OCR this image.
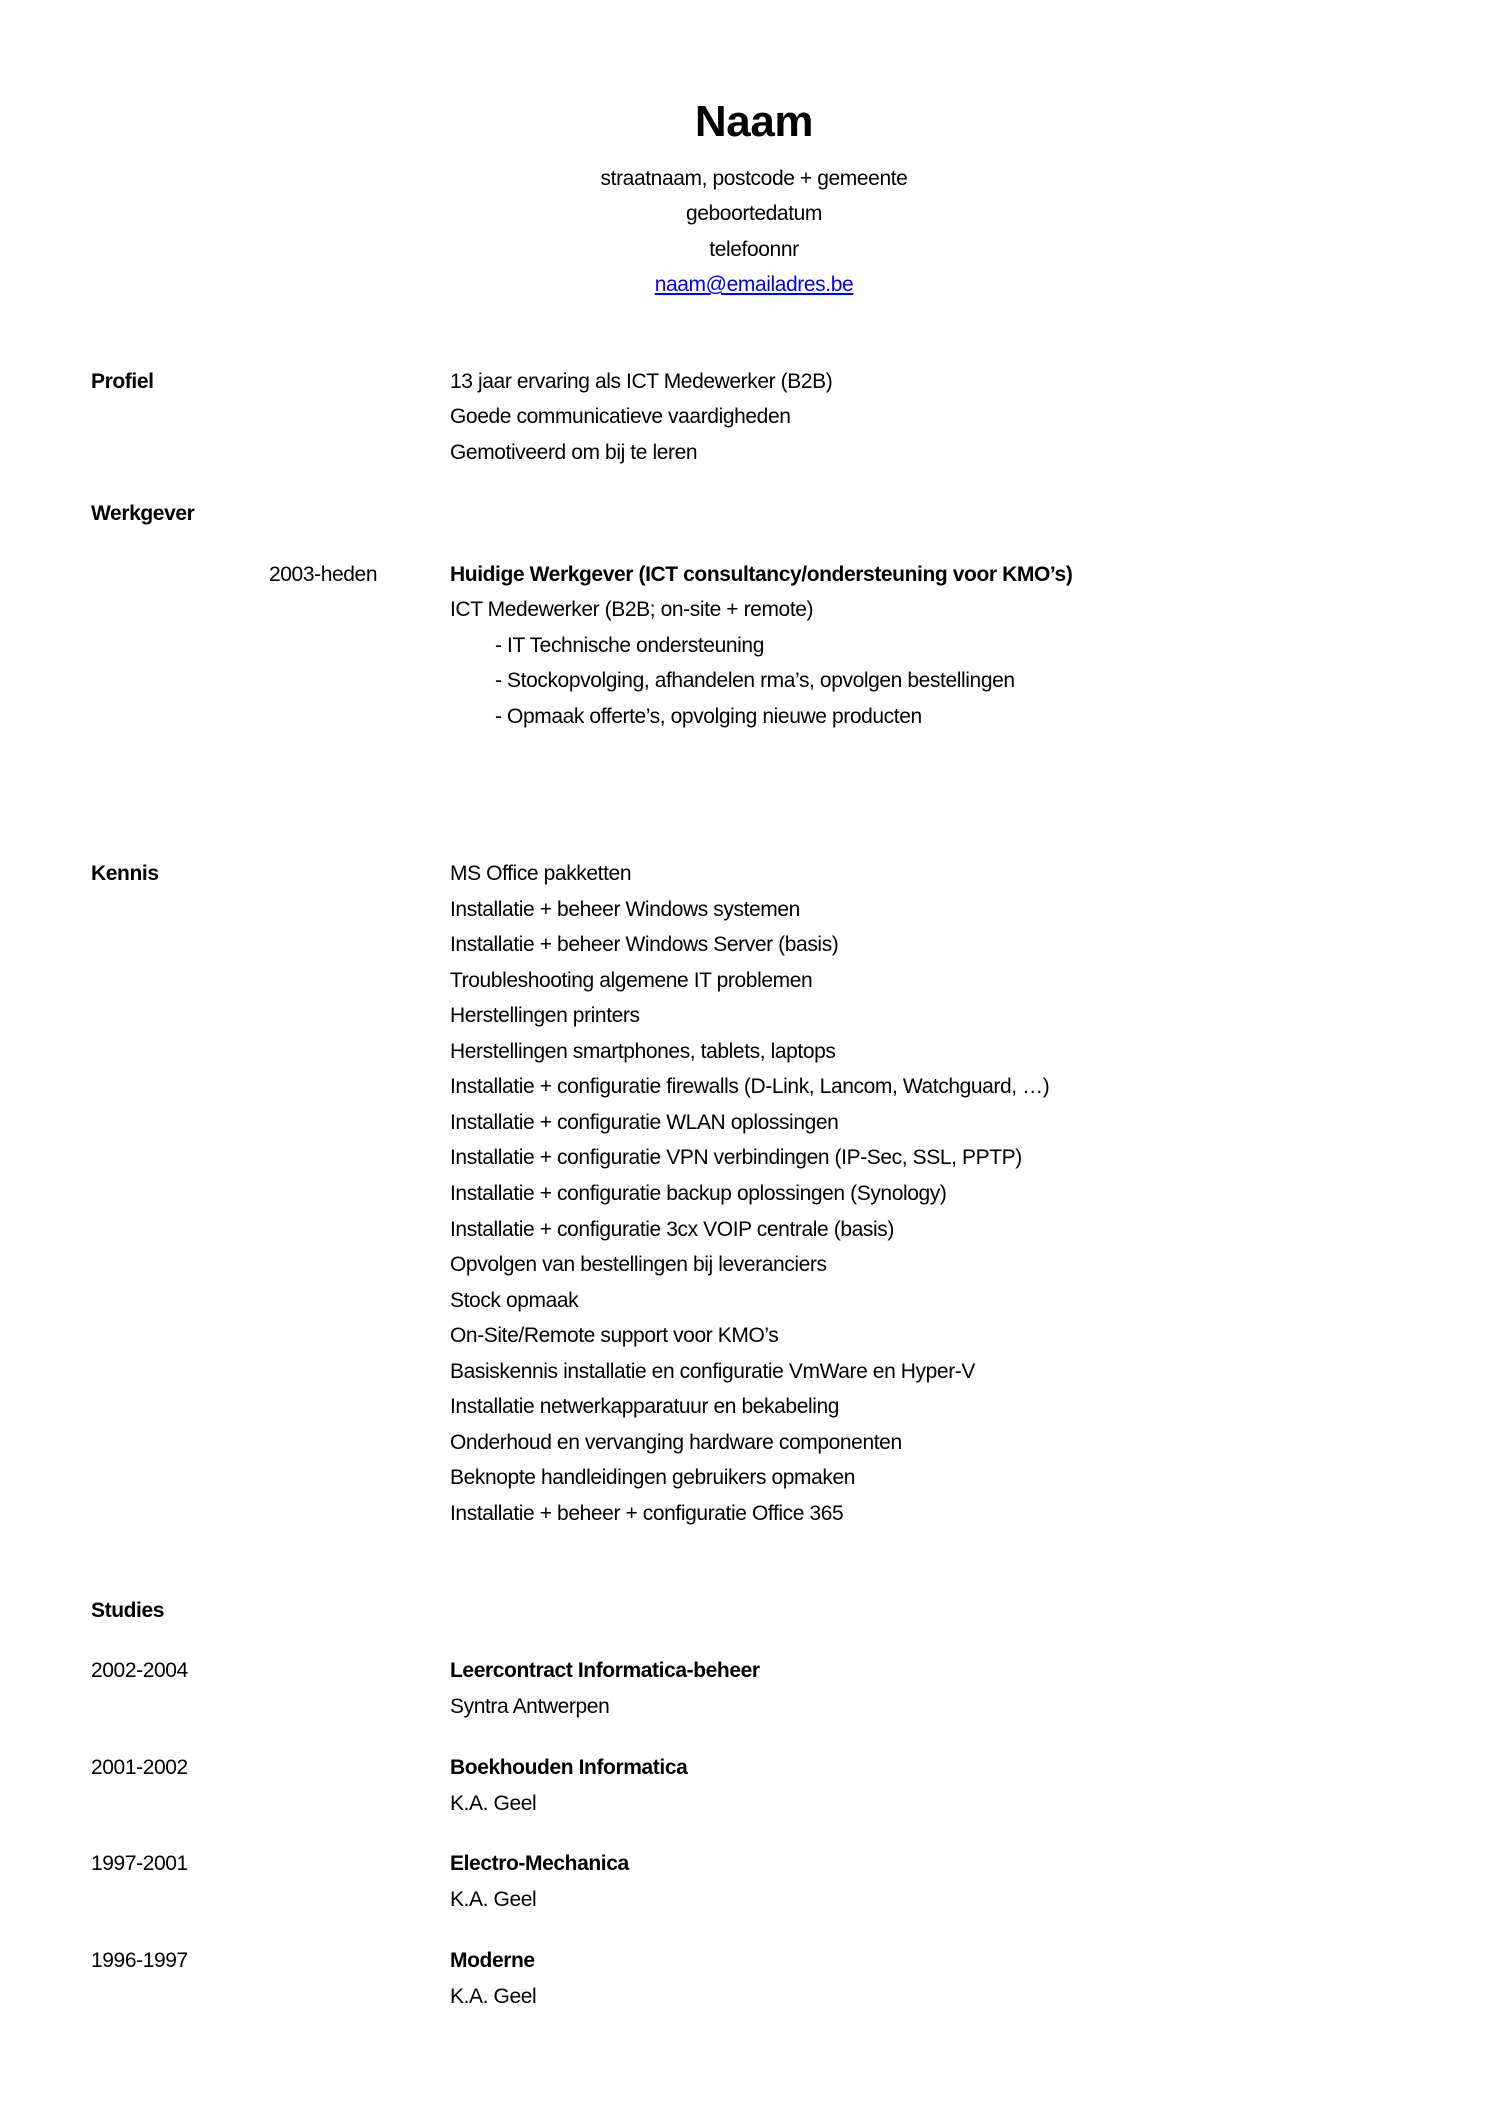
Naam
straatnaam, postcode + gemeente
geboortedatum
telefoonnr
naam@emailadres.be
Profiel	13 jaar ervaring als ICT Medewerker (B2B)
Goede communicatieve vaardigheden
Gemotiveerd om bij te leren
Werkgever
2003-heden	Huidige Werkgever (ICT consultancy/ondersteuning voor KMO’s)
ICT Medewerker (B2B; on-site + remote)
- IT Technische ondersteuning
- Stockopvolging, afhandelen rma’s, opvolgen bestellingen
- Opmaak offerte’s, opvolging nieuwe producten
Kennis	MS Office pakketten
Installatie + beheer Windows systemen
Installatie + beheer Windows Server (basis)
Troubleshooting algemene IT problemen
Herstellingen printers
Herstellingen smartphones, tablets, laptops
Installatie + configuratie firewalls (D-Link, Lancom, Watchguard, …)
Installatie + configuratie WLAN oplossingen
Installatie + configuratie VPN verbindingen (IP-Sec, SSL, PPTP)
Installatie + configuratie backup oplossingen (Synology)
Installatie + configuratie 3cx VOIP centrale (basis)
Opvolgen van bestellingen bij leveranciers
Stock opmaak
On-Site/Remote support voor KMO’s
Basiskennis installatie en configuratie VmWare en Hyper-V
Installatie netwerkapparatuur en bekabeling
Onderhoud en vervanging hardware componenten
Beknopte handleidingen gebruikers opmaken
Installatie + beheer + configuratie Office 365
Studies
2002-2004	Leercontract Informatica-beheer
Syntra Antwerpen
2001-2002	Boekhouden Informatica
K.A. Geel
1997-2001	Electro-Mechanica
K.A. Geel
1996-1997	Moderne
K.A. Geel
